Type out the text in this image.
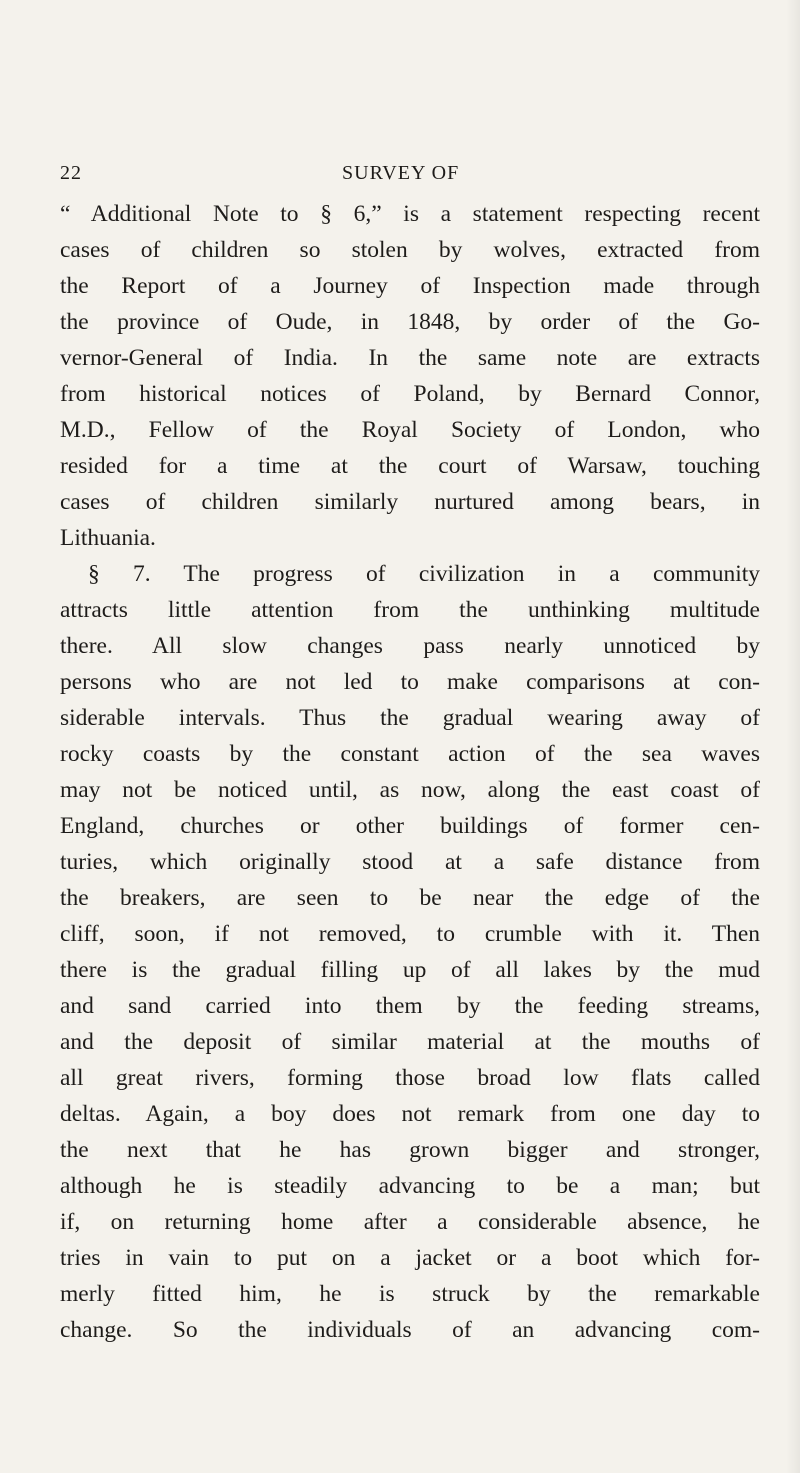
22	SURVEY OF
“ Additional Note to § 6,” is a statement respecting recent
cases of children so stolen by wolves, extracted from
the Report of a Journey of Inspection made through
the province of Oude, in 1848, by order of the Go-
vernor-General of India. In the same note are extracts
from historical notices of Poland, by Bernard Connor,
M.D., Fellow of the Royal Society of London, who
resided for a time at the court of Warsaw, touching
cases of children similarly nurtured among bears, in
Lithuania.
§ 7. The progress of civilization in a community
attracts little attention from the unthinking multitude
there. All slow changes pass nearly unnoticed by
persons who are not led to make comparisons at con-
siderable intervals. Thus the gradual wearing away of
rocky coasts by the constant action of the sea waves
may not be noticed until, as now, along the east coast of
England, churches or other buildings of former cen-
turies, which originally stood at a safe distance from
the breakers, are seen to be near the edge of the
cliff, soon, if not removed, to crumble with it. Then
there is the gradual filling up of all lakes by the mud
and sand carried into them by the feeding streams,
and the deposit of similar material at the mouths of
all great rivers, forming those broad low flats called
deltas. Again, a boy does not remark from one day to
the next that he has grown bigger and stronger,
although he is steadily advancing to be a man; but
if, on returning home after a considerable absence, he
tries in vain to put on a jacket or a boot which for-
merly fitted him, he is struck by the remarkable
change. So the individuals of an advancing com-
